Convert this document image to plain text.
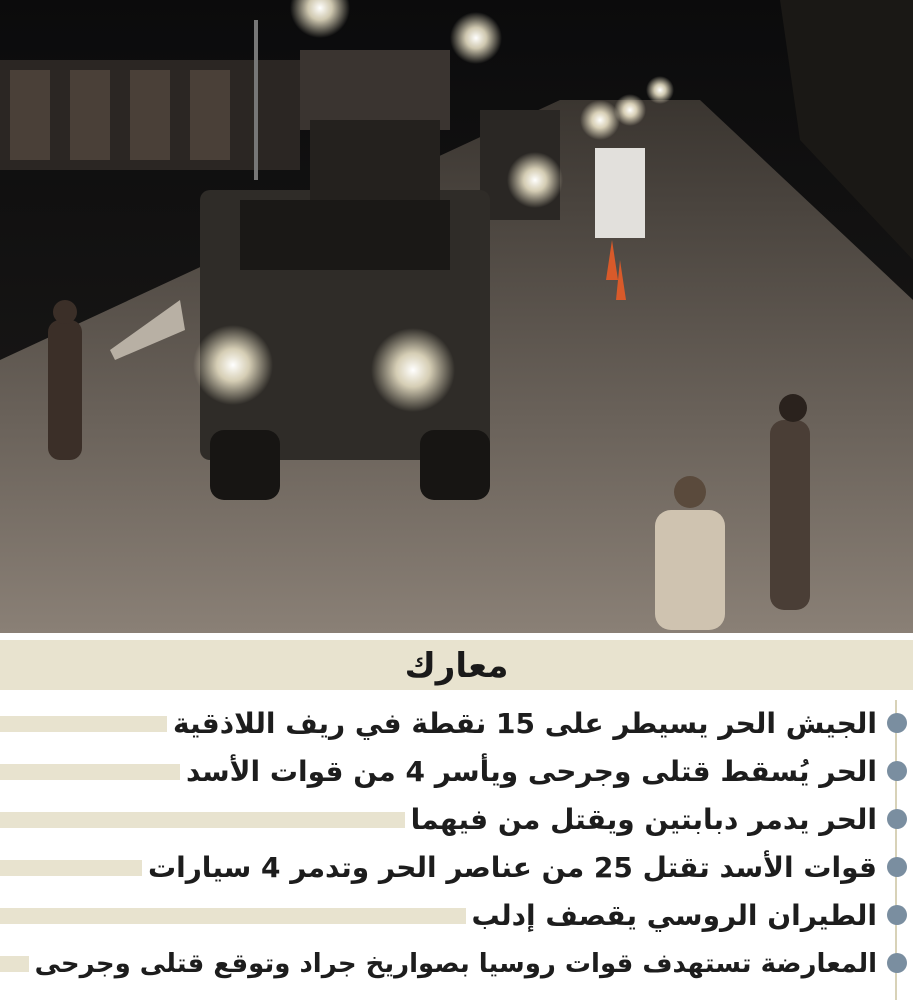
معارك
الجيش الحر يسيطر على 15 نقطة في ريف اللاذقية
الحر يُسقط قتلى وجرحى ويأسر 4 من قوات الأسد
الحر يدمر دبابتين ويقتل من فيهما
قوات الأسد تقتل 25 من عناصر الحر وتدمر 4 سيارات
الطيران الروسي يقصف إدلب
المعارضة تستهدف قوات روسيا بصواريخ جراد وتوقع قتلى وجرحى
